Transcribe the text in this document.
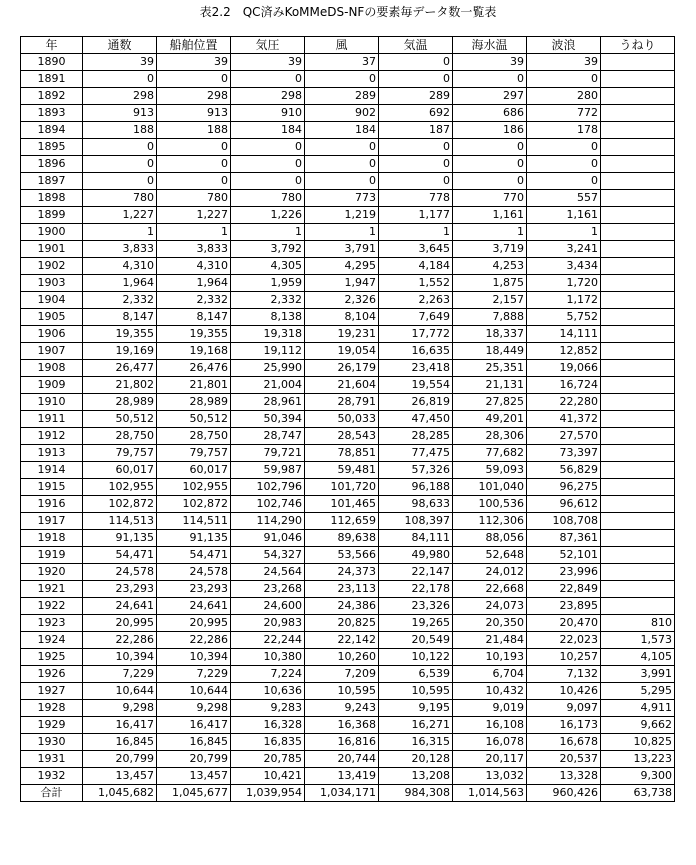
表2.2　QC済みKoMMeDS-NFの要素毎データ数一覧表
年	通数	船舶位置	気圧	風	気温	海水温	波浪	うねり
1890	39	39	39	37	0	39	39	
1891	0	0	0	0	0	0	0	
1892	298	298	298	289	289	297	280	
1893	913	913	910	902	692	686	772	
1894	188	188	184	184	187	186	178	
1895	0	0	0	0	0	0	0	
1896	0	0	0	0	0	0	0	
1897	0	0	0	0	0	0	0	
1898	780	780	780	773	778	770	557	
1899	1,227	1,227	1,226	1,219	1,177	1,161	1,161	
1900	1	1	1	1	1	1	1	
1901	3,833	3,833	3,792	3,791	3,645	3,719	3,241	
1902	4,310	4,310	4,305	4,295	4,184	4,253	3,434	
1903	1,964	1,964	1,959	1,947	1,552	1,875	1,720	
1904	2,332	2,332	2,332	2,326	2,263	2,157	1,172	
1905	8,147	8,147	8,138	8,104	7,649	7,888	5,752	
1906	19,355	19,355	19,318	19,231	17,772	18,337	14,111	
1907	19,169	19,168	19,112	19,054	16,635	18,449	12,852	
1908	26,477	26,476	25,990	26,179	23,418	25,351	19,066	
1909	21,802	21,801	21,004	21,604	19,554	21,131	16,724	
1910	28,989	28,989	28,961	28,791	26,819	27,825	22,280	
1911	50,512	50,512	50,394	50,033	47,450	49,201	41,372	
1912	28,750	28,750	28,747	28,543	28,285	28,306	27,570	
1913	79,757	79,757	79,721	78,851	77,475	77,682	73,397	
1914	60,017	60,017	59,987	59,481	57,326	59,093	56,829	
1915	102,955	102,955	102,796	101,720	96,188	101,040	96,275	
1916	102,872	102,872	102,746	101,465	98,633	100,536	96,612	
1917	114,513	114,511	114,290	112,659	108,397	112,306	108,708	
1918	91,135	91,135	91,046	89,638	84,111	88,056	87,361	
1919	54,471	54,471	54,327	53,566	49,980	52,648	52,101	
1920	24,578	24,578	24,564	24,373	22,147	24,012	23,996	
1921	23,293	23,293	23,268	23,113	22,178	22,668	22,849	
1922	24,641	24,641	24,600	24,386	23,326	24,073	23,895	
1923	20,995	20,995	20,983	20,825	19,265	20,350	20,470	810
1924	22,286	22,286	22,244	22,142	20,549	21,484	22,023	1,573
1925	10,394	10,394	10,380	10,260	10,122	10,193	10,257	4,105
1926	7,229	7,229	7,224	7,209	6,539	6,704	7,132	3,991
1927	10,644	10,644	10,636	10,595	10,595	10,432	10,426	5,295
1928	9,298	9,298	9,283	9,243	9,195	9,019	9,097	4,911
1929	16,417	16,417	16,328	16,368	16,271	16,108	16,173	9,662
1930	16,845	16,845	16,835	16,816	16,315	16,078	16,678	10,825
1931	20,799	20,799	20,785	20,744	20,128	20,117	20,537	13,223
1932	13,457	13,457	10,421	13,419	13,208	13,032	13,328	9,300
合計	1,045,682	1,045,677	1,039,954	1,034,171	984,308	1,014,563	960,426	63,738
